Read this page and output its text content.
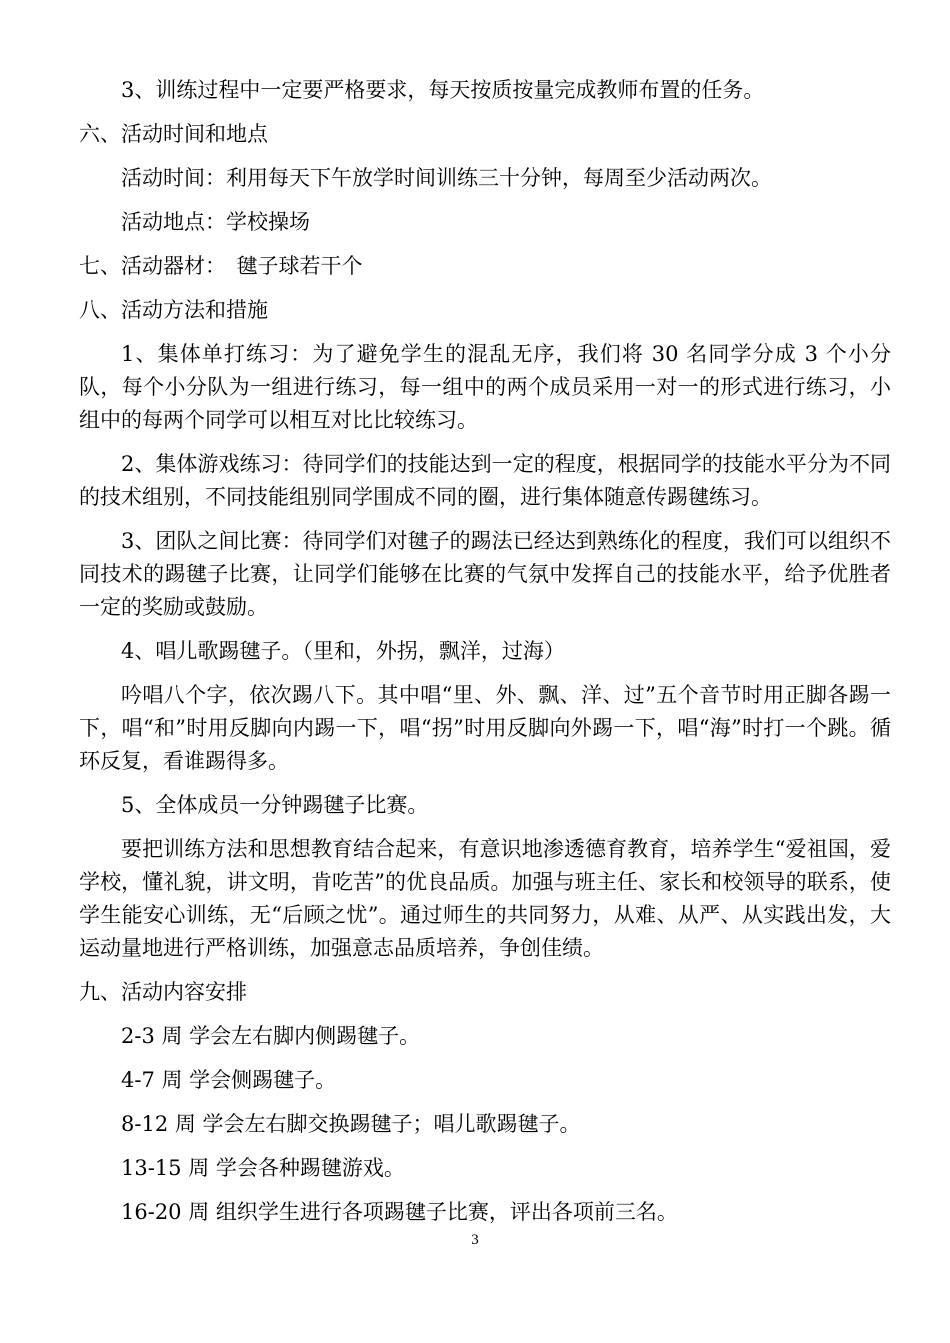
3、训练过程中一定要严格要求，每天按质按量完成教师布置的任务。

六、活动时间和地点

活动时间：利用每天下午放学时间训练三十分钟，每周至少活动两次。

活动地点：学校操场

七、活动器材：　毽子球若干个

八、活动方法和措施

1、集体单打练习：为了避免学生的混乱无序，我们将 30 名同学分成 3 个小分队，每个小分队为一组进行练习，每一组中的两个成员采用一对一的形式进行练习，小组中的每两个同学可以相互对比比较练习。

2、集体游戏练习：待同学们的技能达到一定的程度，根据同学的技能水平分为不同的技术组别，不同技能组别同学围成不同的圈，进行集体随意传踢毽练习。

3、团队之间比赛：待同学们对毽子的踢法已经达到熟练化的程度，我们可以组织不同技术的踢毽子比赛，让同学们能够在比赛的气氛中发挥自己的技能水平，给予优胜者一定的奖励或鼓励。

4、唱儿歌踢毽子。（里和，外拐，飘洋，过海）

吟唱八个字，依次踢八下。其中唱“里、外、飘、洋、过”五个音节时用正脚各踢一下，唱“和”时用反脚向内踢一下，唱“拐”时用反脚向外踢一下，唱“海”时打一个跳。循环反复，看谁踢得多。

5、全体成员一分钟踢毽子比赛。

要把训练方法和思想教育结合起来，有意识地渗透德育教育，培养学生“爱祖国，爱学校，懂礼貌，讲文明，肯吃苦”的优良品质。加强与班主任、家长和校领导的联系，使学生能安心训练，无“后顾之忧”。通过师生的共同努力，从难、从严、从实践出发，大运动量地进行严格训练，加强意志品质培养，争创佳绩。

九、活动内容安排

2-3 周 学会左右脚内侧踢毽子。

4-7 周 学会侧踢毽子。

8-12 周 学会左右脚交换踢毽子；唱儿歌踢毽子。

13-15 周 学会各种踢毽游戏。

16-20 周 组织学生进行各项踢毽子比赛，评出各项前三名。

3
